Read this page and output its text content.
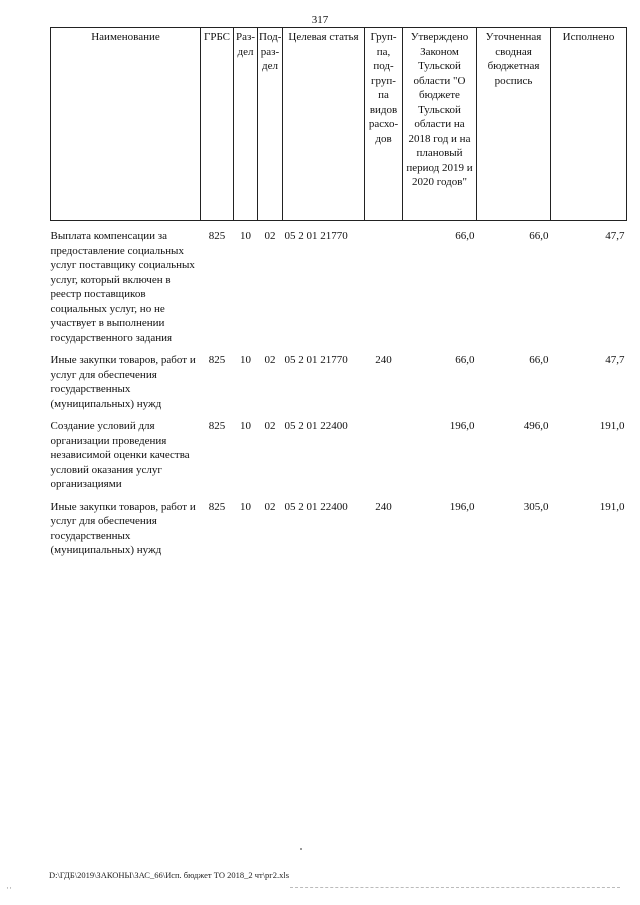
317
Наименование	ГРБС	Раз-дел	Под-раз-дел	Целевая статья	Груп-па, под-груп-па видов расхо-дов	Утверждено Законом Тульской области "О бюджете Тульской области на 2018 год и на плановый период 2019 и 2020 годов"	Уточненная сводная бюджетная роспись	Исполнено

Выплата компенсации за предоставление социальных услуг поставщику социальных услуг, который включен в реестр поставщиков социальных услуг, но не участвует в выполнении государственного задания	825	10	02	05 2 01 21770		66,0	66,0	47,7

Иные закупки товаров, работ и услуг для обеспечения государственных (муниципальных) нужд	825	10	02	05 2 01 21770	240	66,0	66,0	47,7

Создание условий для организации проведения независимой оценки качества условий оказания услуг организациями	825	10	02	05 2 01 22400		196,0	496,0	191,0

Иные закупки товаров, работ и услуг для обеспечения государственных (муниципальных) нужд	825	10	02	05 2 01 22400	240	196,0	305,0	191,0
D:\ГДБ\2019\ЗАКОНЫ\ЗАС_66\Исп. бюджет ТО 2018_2 чт\рг2.xls
··
